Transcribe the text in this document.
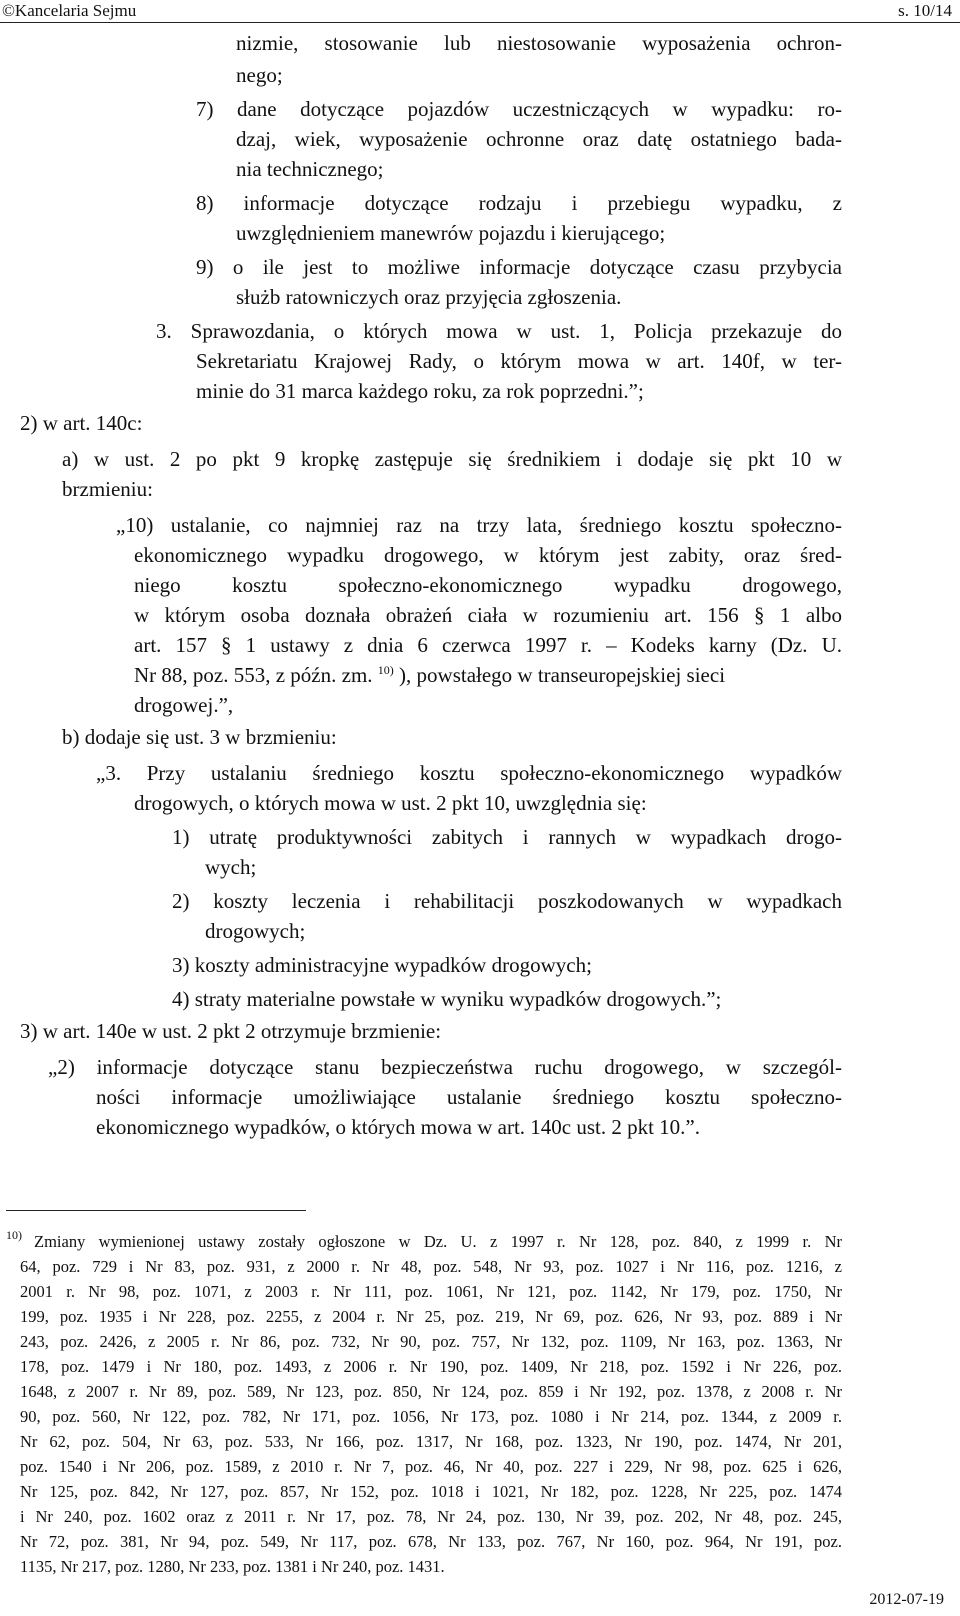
©Kancelaria Sejmu	s. 10/14
nizmie, stosowanie lub niestosowanie wyposażenia ochron-
nego;
7) dane dotyczące pojazdów uczestniczących w wypadku: ro-
dzaj, wiek, wyposażenie ochronne oraz datę ostatniego bada-
nia technicznego;
8) informacje dotyczące rodzaju i przebiegu wypadku, z
uwzględnieniem manewrów pojazdu i kierującego;
9) o ile jest to możliwe informacje dotyczące czasu przybycia
służb ratowniczych oraz przyjęcia zgłoszenia.
3. Sprawozdania, o których mowa w ust. 1, Policja przekazuje do
Sekretariatu Krajowej Rady, o którym mowa w art. 140f, w ter-
minie do 31 marca każdego roku, za rok poprzedni.”;
2) w art. 140c:
a) w ust. 2 po pkt 9 kropkę zastępuje się średnikiem i dodaje się pkt 10 w
brzmieniu:
„10) ustalanie, co najmniej raz na trzy lata, średniego kosztu społeczno-
ekonomicznego wypadku drogowego, w którym jest zabity, oraz śred-
niego kosztu społeczno-ekonomicznego wypadku drogowego,
w którym osoba doznała obrażeń ciała w rozumieniu art. 156 § 1 albo
art. 157 § 1 ustawy z dnia 6 czerwca 1997 r. – Kodeks karny (Dz. U.
Nr 88, poz. 553, z późn. zm. $^{10)}$ ), powstałego w transeuropejskiej sieci
drogowej.”,
b) dodaje się ust. 3 w brzmieniu:
„3. Przy ustalaniu średniego kosztu społeczno-ekonomicznego wypadków
drogowych, o których mowa w ust. 2 pkt 10, uwzględnia się:
1) utratę produktywności zabitych i rannych w wypadkach drogo-
wych;
2) koszty leczenia i rehabilitacji poszkodowanych w wypadkach
drogowych;
3) koszty administracyjne wypadków drogowych;
4) straty materialne powstałe w wyniku wypadków drogowych.”;
3) w art. 140e w ust. 2 pkt 2 otrzymuje brzmienie:
„2) informacje dotyczące stanu bezpieczeństwa ruchu drogowego, w szczegól-
ności informacje umożliwiające ustalanie średniego kosztu społeczno-
ekonomicznego wypadków, o których mowa w art. 140c ust. 2 pkt 10.”.
10) Zmiany wymienionej ustawy zostały ogłoszone w Dz. U. z 1997 r. Nr 128, poz. 840, z 1999 r. Nr
64, poz. 729 i Nr 83, poz. 931, z 2000 r. Nr 48, poz. 548, Nr 93, poz. 1027 i Nr 116, poz. 1216, z
2001 r. Nr 98, poz. 1071, z 2003 r. Nr 111, poz. 1061, Nr 121, poz. 1142, Nr 179, poz. 1750, Nr
199, poz. 1935 i Nr 228, poz. 2255, z 2004 r. Nr 25, poz. 219, Nr 69, poz. 626, Nr 93, poz. 889 i Nr
243, poz. 2426, z 2005 r. Nr 86, poz. 732, Nr 90, poz. 757, Nr 132, poz. 1109, Nr 163, poz. 1363, Nr
178, poz. 1479 i Nr 180, poz. 1493, z 2006 r. Nr 190, poz. 1409, Nr 218, poz. 1592 i Nr 226, poz.
1648, z 2007 r. Nr 89, poz. 589, Nr 123, poz. 850, Nr 124, poz. 859 i Nr 192, poz. 1378, z 2008 r. Nr
90, poz. 560, Nr 122, poz. 782, Nr 171, poz. 1056, Nr 173, poz. 1080 i Nr 214, poz. 1344, z 2009 r.
Nr 62, poz. 504, Nr 63, poz. 533, Nr 166, poz. 1317, Nr 168, poz. 1323, Nr 190, poz. 1474, Nr 201,
poz. 1540 i Nr 206, poz. 1589, z 2010 r. Nr 7, poz. 46, Nr 40, poz. 227 i 229, Nr 98, poz. 625 i 626,
Nr 125, poz. 842, Nr 127, poz. 857, Nr 152, poz. 1018 i 1021, Nr 182, poz. 1228, Nr 225, poz. 1474
i Nr 240, poz. 1602 oraz z 2011 r. Nr 17, poz. 78, Nr 24, poz. 130, Nr 39, poz. 202, Nr 48, poz. 245,
Nr 72, poz. 381, Nr 94, poz. 549, Nr 117, poz. 678, Nr 133, poz. 767, Nr 160, poz. 964, Nr 191, poz.
1135, Nr 217, poz. 1280, Nr 233, poz. 1381 i Nr 240, poz. 1431.
2012-07-19
